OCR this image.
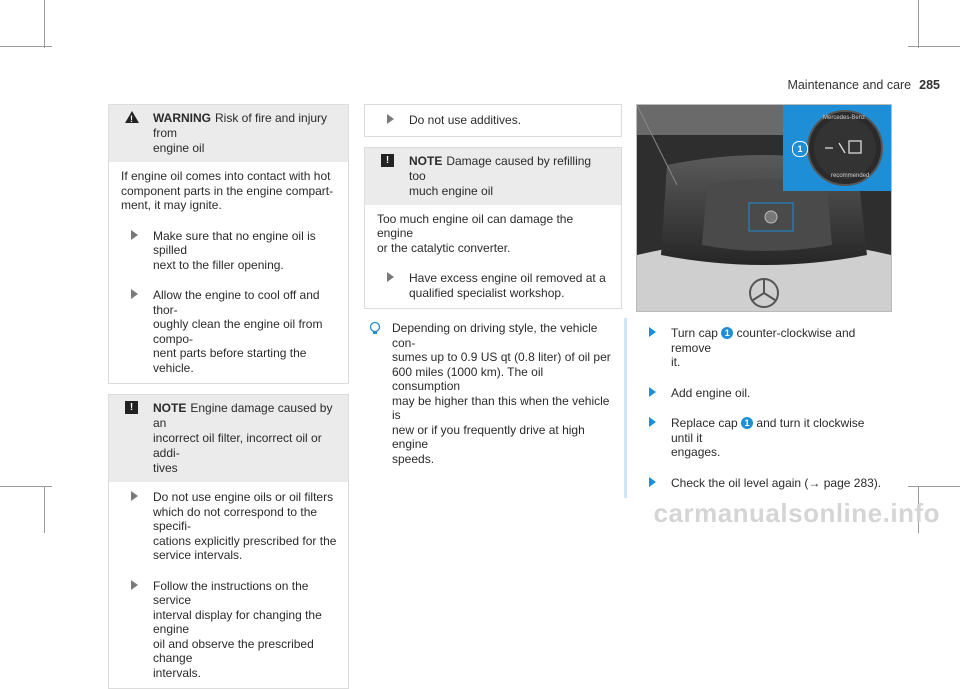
Maintenance and care 285
!
WARNING Risk of fire and injury from
engine oil
If engine oil comes into contact with hot
component parts in the engine compart-
ment, it may ignite.
Make sure that no engine oil is spilled
next to the filler opening.
Allow the engine to cool off and thor-
oughly clean the engine oil from compo-
nent parts before starting the vehicle.
!	NOTE Engine damage caused by an
incorrect oil filter, incorrect oil or addi-
tives
Do not use engine oils or oil filters
which do not correspond to the specifi-
cations explicitly prescribed for the
service intervals.
Follow the instructions on the service
interval display for changing the engine
oil and observe the prescribed change
intervals.
Do not use additives.
!	NOTE Damage caused by refilling too
much engine oil
Too much engine oil can damage the engine
or the catalytic converter.
Have excess engine oil removed at a
qualified specialist workshop.
Depending on driving style, the vehicle con-
sumes up to 0.9 US qt (0.8 liter) of oil per
600 miles (1000 km). The oil consumption
may be higher than this when the vehicle is
new or if you frequently drive at high engine
speeds.
Mercedes-Benz
recommended
1
Turn cap 1 counter-clockwise and remove
it.
Add engine oil.
Replace cap 1 and turn it clockwise until it
engages.
Check the oil level again (→ page 283).
carmanualsonline.info
